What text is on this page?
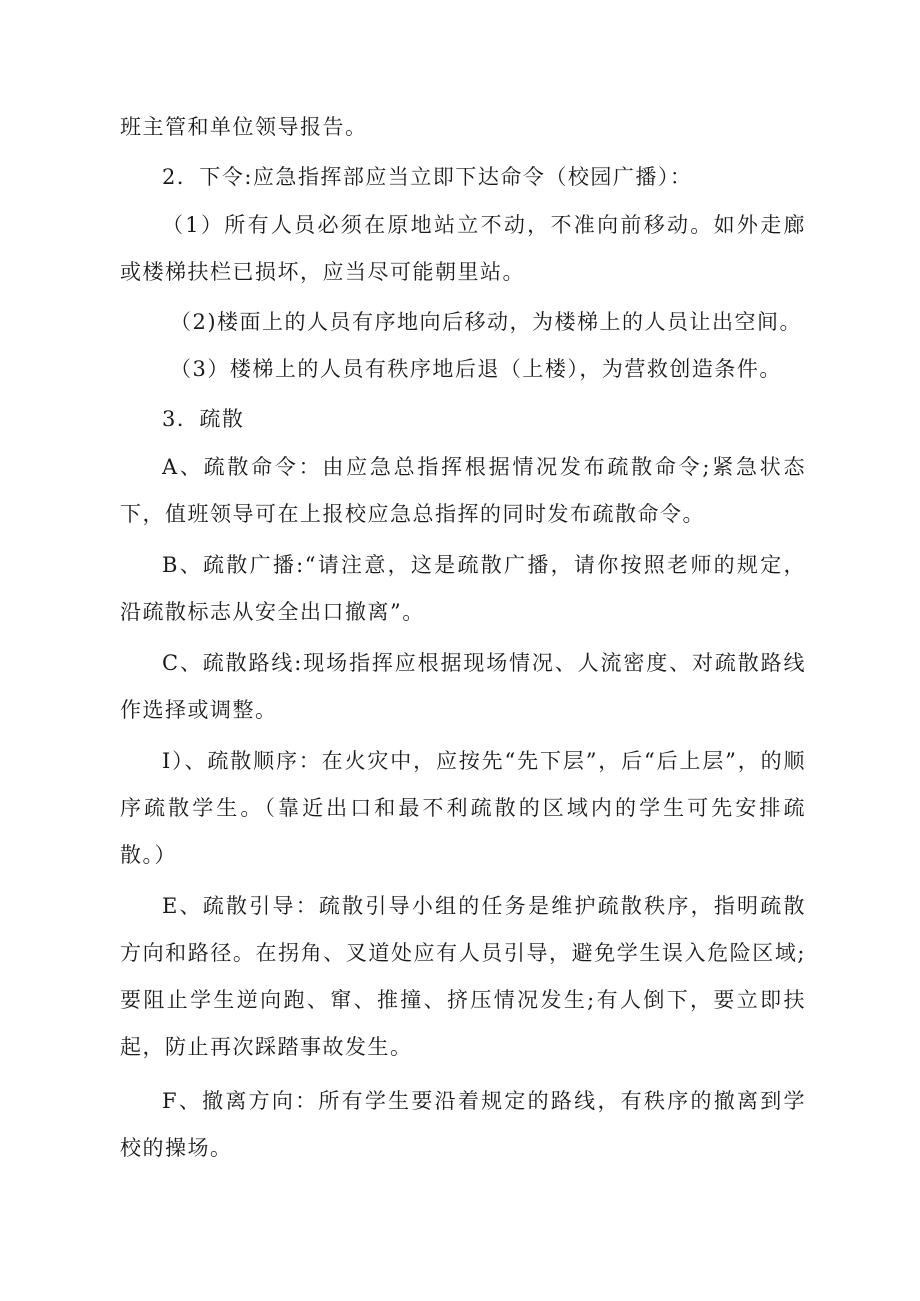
班主管和单位领导报告。

2．下令:应急指挥部应当立即下达命令（校园广播）：

（1）所有人员必须在原地站立不动，不准向前移动。如外走廊或楼梯扶栏已损坏，应当尽可能朝里站。

（2)楼面上的人员有序地向后移动，为楼梯上的人员让出空间。

（3）楼梯上的人员有秩序地后退（上楼），为营救创造条件。

3．疏散

A、疏散命令：由应急总指挥根据情况发布疏散命令;紧急状态下，值班领导可在上报校应急总指挥的同时发布疏散命令。

B、疏散广播:“请注意，这是疏散广播，请你按照老师的规定，沿疏散标志从安全出口撤离”。

C、疏散路线:现场指挥应根据现场情况、人流密度、对疏散路线作选择或调整。

I）、疏散顺序：在火灾中，应按先“先下层”，后“后上层”，的顺序疏散学生。（靠近出口和最不利疏散的区域内的学生可先安排疏散。）

E、疏散引导：疏散引导小组的任务是维护疏散秩序，指明疏散方向和路径。在拐角、叉道处应有人员引导，避免学生误入危险区域;要阻止学生逆向跑、窜、推撞、挤压情况发生;有人倒下，要立即扶起，防止再次踩踏事故发生。

F、撤离方向：所有学生要沿着规定的路线，有秩序的撤离到学校的操场。
